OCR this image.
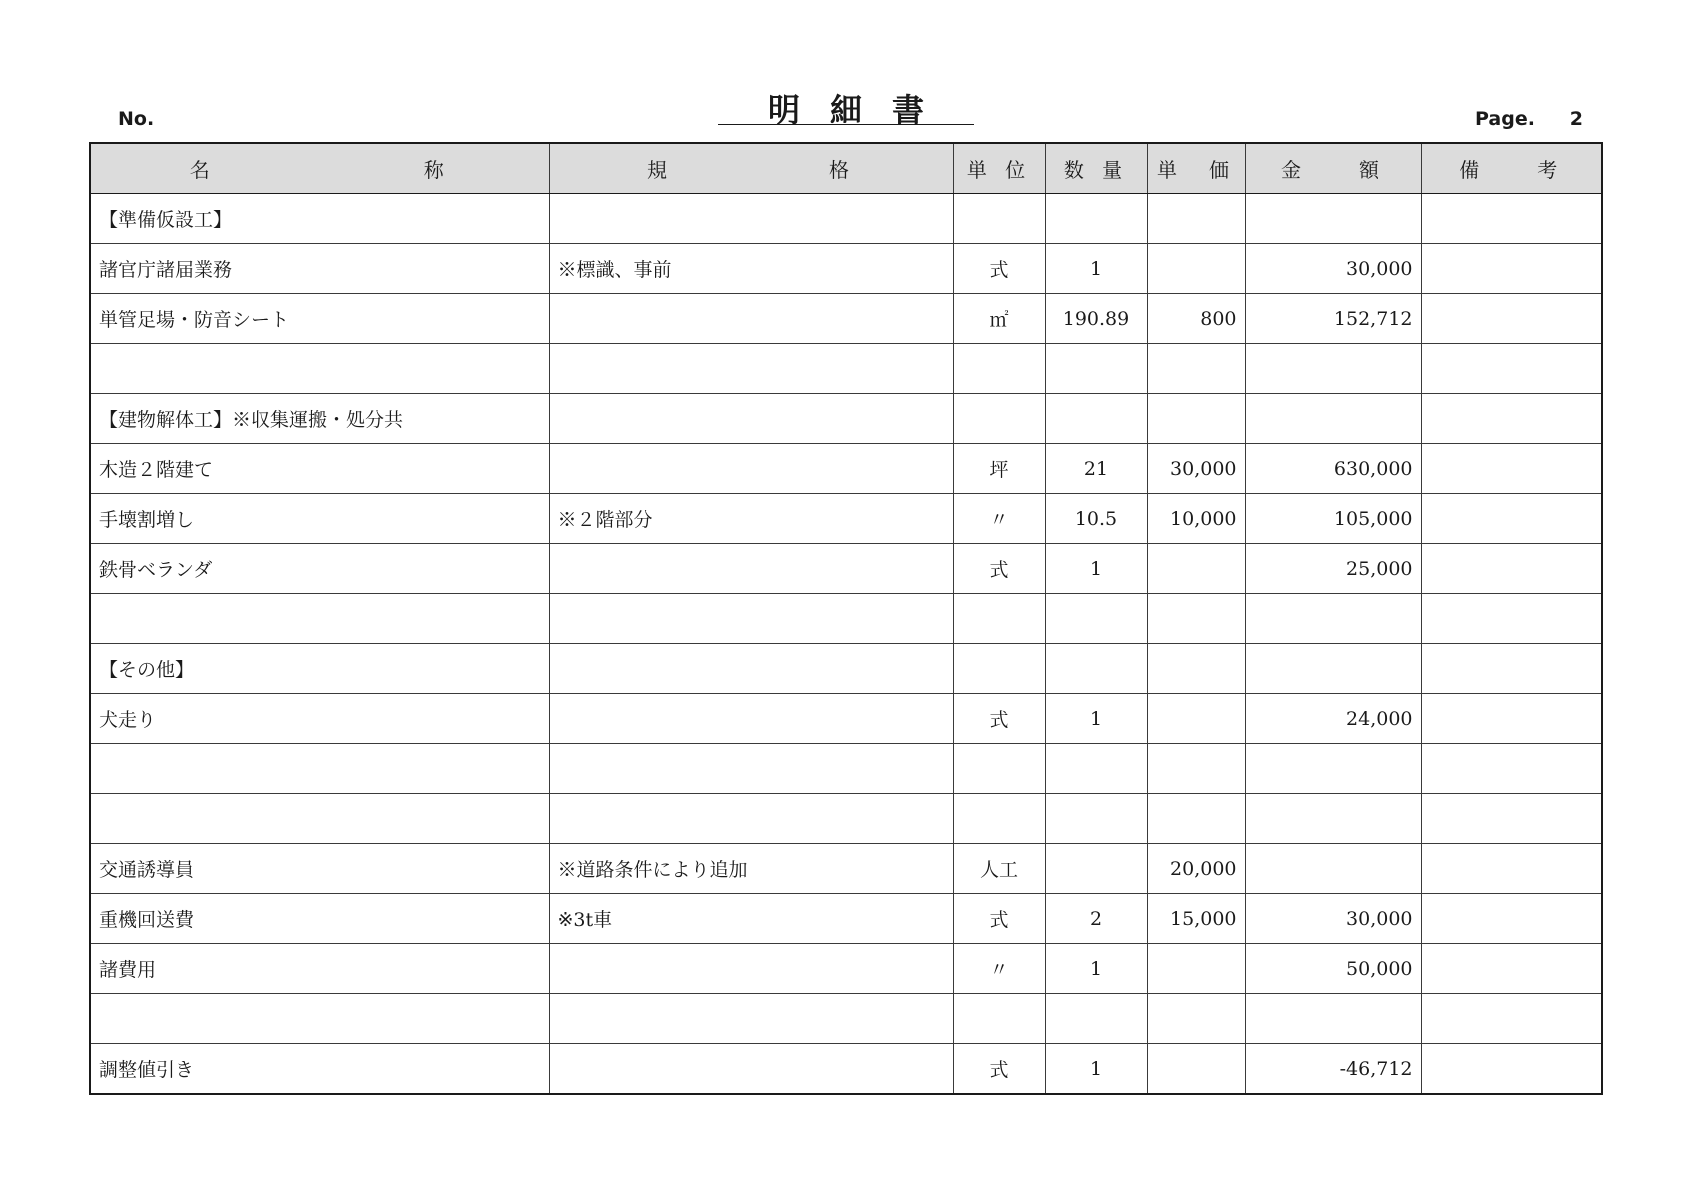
No.	明細書	Page.	2
名　　　　　　　　称	規　　　　　　格	単 位	数 量	単　価	金　　額	備　　考
【準備仮設工】						
諸官庁諸届業務	※標識、事前	式	1		30,000	
単管足場・防音シート		㎡	190.89	800	152,712	

【建物解体工】※収集運搬・処分共						
木造２階建て		坪	21	30,000	630,000	
手壊割増し	※２階部分	〃	10.5	10,000	105,000	
鉄骨ベランダ		式	1		25,000	

【その他】						
犬走り		式	1		24,000	

交通誘導員	※道路条件により追加	人工		20,000		
重機回送費	※3t車	式	2	15,000	30,000	
諸費用		〃	1		50,000	

調整値引き		式	1		-46,712	
